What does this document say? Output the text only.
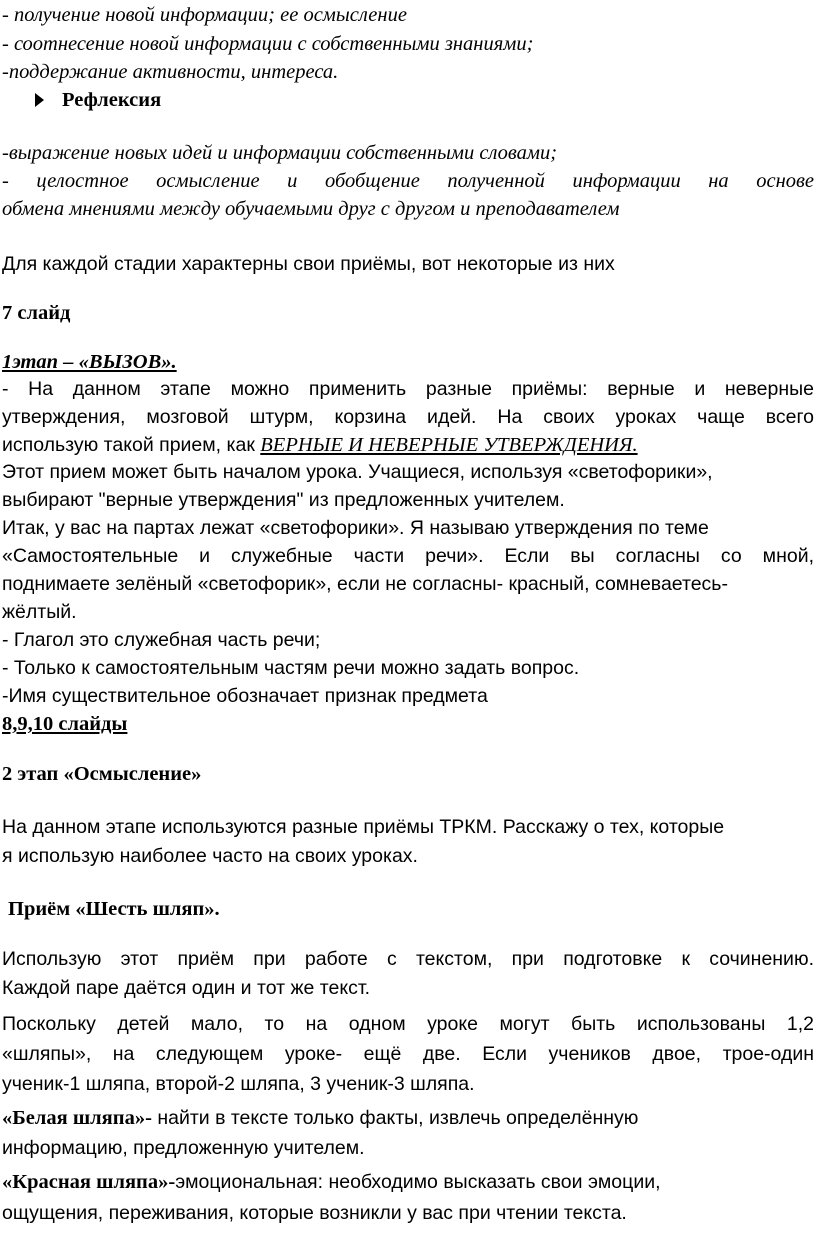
- получение новой информации; ее осмысление

- соотнесение новой информации с собственными знаниями;

-поддержание активности, интереса.

Рефлексия

-выражение новых идей и информации собственными словами;

- целостное осмысление и обобщение полученной информации на основе

обмена мнениями между обучаемыми друг с другом и преподавателем

Для каждой стадии характерны свои приёмы, вот некоторые из них

7 слайд

1этап – «ВЫЗОВ».

- На данном этапе можно применить разные приёмы: верные и неверные

утверждения, мозговой штурм, корзина идей. На своих уроках чаще всего

использую такой прием, как ВЕРНЫЕ И НЕВЕРНЫЕ УТВЕРЖДЕНИЯ.

Этот прием может быть началом урока. Учащиеся, используя «светофорики»,

выбирают "верные утверждения" из предложенных учителем.

Итак, у вас на партах лежат «светофорики». Я называю утверждения по теме

«Самостоятельные и служебные части речи». Если вы согласны со мной,

поднимаете зелёный «светофорик», если не согласны- красный, сомневаетесь-

жёлтый.

- Глагол это служебная часть речи;

- Только к самостоятельным частям речи можно задать вопрос.

-Имя существительное обозначает признак предмета

8,9,10 слайды

2 этап «Осмысление»

На данном этапе используются разные приёмы ТРКМ. Расскажу о тех, которые

я использую наиболее часто на своих уроках.

Приём «Шесть шляп».

Использую этот приём при работе с текстом, при подготовке к сочинению.

Каждой паре даётся один и тот же текст.

Поскольку детей мало, то на одном уроке могут быть использованы 1,2

«шляпы», на следующем уроке- ещё две. Если учеников двое, трое-один

ученик-1 шляпа, второй-2 шляпа, 3 ученик-3 шляпа.

«Белая шляпа»- найти в тексте только факты, извлечь определённую

информацию, предложенную учителем.

«Красная шляпа»-эмоциональная: необходимо высказать свои эмоции,

ощущения, переживания, которые возникли у вас при чтении текста.
